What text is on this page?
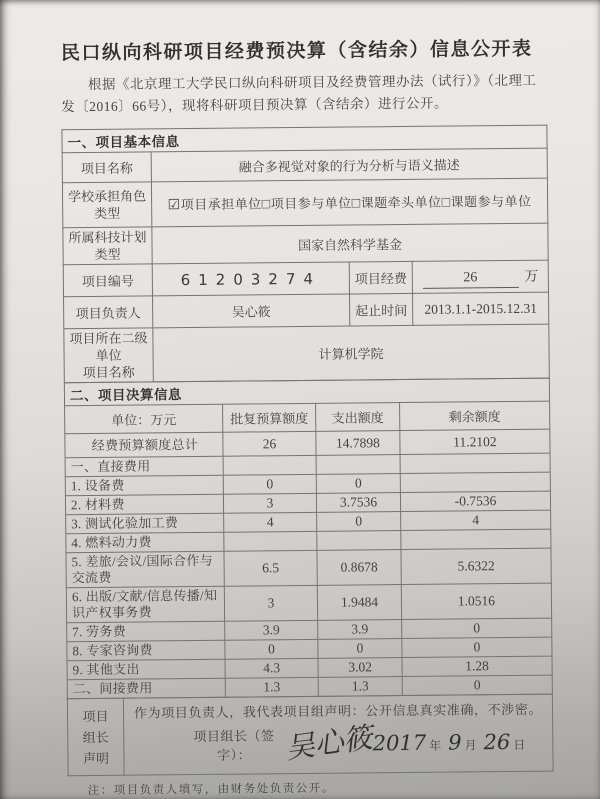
民口纵向科研项目经费预决算（含结余）信息公开表
根据《北京理工大学民口纵向科研项目及经费管理办法（试行）》（北理工发〔2016〕66号），现将科研项目预决算（含结余）进行公开。
一、项目基本信息			
项目名称	融合多视觉对象的行为分析与语义描述		
学校承担角色
类型	☑项目承担单位□项目参与单位□课题牵头单位□课题参与单位		
所属科技计划
类型	国家自然科学基金		
项目编号	61203274	项目经费	26 万
项目负责人	吴心筱	起止时间	2013.1.1-2015.12.31
项目所在二级
单位
项目名称	计算机学院		
二、项目决算信息			
单位：万元	批复预算额度	支出额度	剩余额度
经费预算额度总计	26	14.7898	11.2102
一、直接费用			
1. 设备费	0	0	
2. 材料费	3	3.7536	-0.7536
3. 测试化验加工费	4	0	4
4. 燃料动力费			
5. 差旅/会议/国际合作与交流费	6.5	0.8678	5.6322
6. 出版/文献/信息传播/知识产权事务费	3	1.9484	1.0516
7. 劳务费	3.9	3.9	0
8. 专家咨询费	0	0	0
9. 其他支出	4.3	3.02	1.28
二、间接费用	1.3	1.3	0
项目
组长
声明	
作为项目负责人，我代表项目组声明：公开信息真实准确，不涉密。
项目组长（签字）：	吴心筱
2017 年 9 月 26 日
注：项目负责人填写，由财务处负责公开。
